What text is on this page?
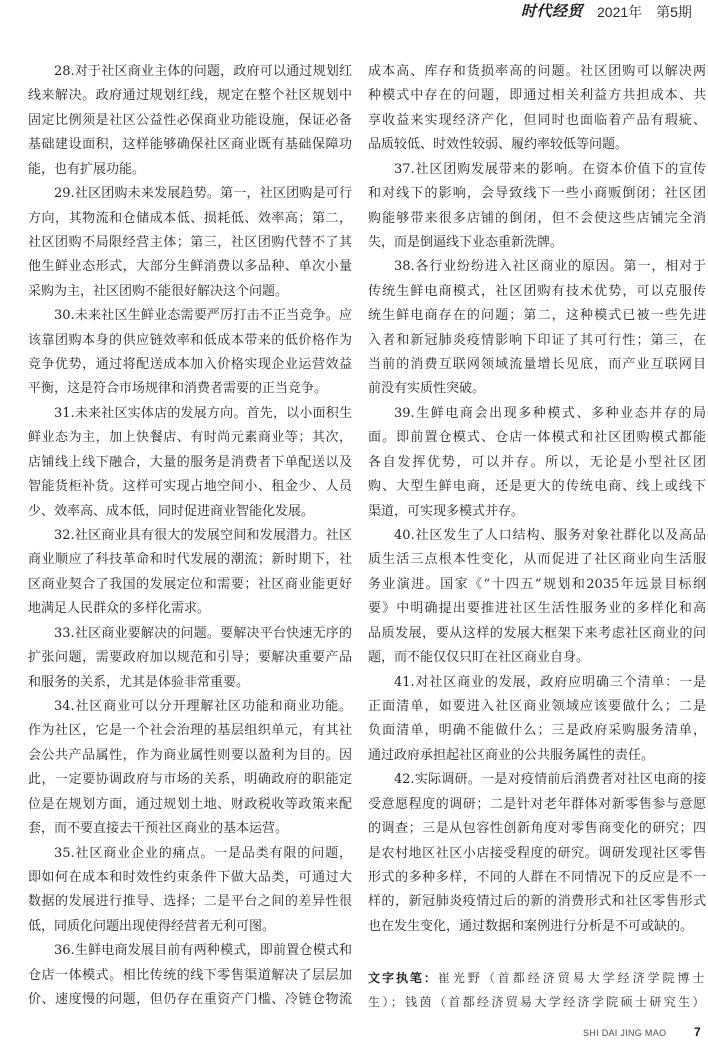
时代经贸 2021年　第5期
28.对于社区商业主体的问题，政府可以通过规划红
线来解决。政府通过规划红线，规定在整个社区规划中
固定比例须是社区公益性必保商业功能设施，保证必备
基础建设面积，这样能够确保社区商业既有基础保障功
能，也有扩展功能。
29.社区团购未来发展趋势。第一，社区团购是可行
方向，其物流和仓储成本低、损耗低、效率高；第二，
社区团购不局限经营主体；第三，社区团购代替不了其
他生鲜业态形式，大部分生鲜消费以多品种、单次小量
采购为主，社区团购不能很好解决这个问题。
30.未来社区生鲜业态需要严厉打击不正当竞争。应
该靠团购本身的供应链效率和低成本带来的低价格作为
竞争优势，通过将配送成本加入价格实现企业运营效益
平衡，这是符合市场规律和消费者需要的正当竞争。
31.未来社区实体店的发展方向。首先，以小面积生
鲜业态为主，加上快餐店、有时尚元素商业等；其次，
店铺线上线下融合，大量的服务是消费者下单配送以及
智能货柜补货。这样可实现占地空间小、租金少、人员
少、效率高、成本低，同时促进商业智能化发展。
32.社区商业具有很大的发展空间和发展潜力。社区
商业顺应了科技革命和时代发展的潮流；新时期下，社
区商业契合了我国的发展定位和需要；社区商业能更好
地满足人民群众的多样化需求。
33.社区商业要解决的问题。要解决平台快速无序的
扩张问题，需要政府加以规范和引导；要解决重要产品
和服务的关系，尤其是体验非常重要。
34.社区商业可以分开理解社区功能和商业功能。
作为社区，它是一个社会治理的基层组织单元，有其社
会公共产品属性，作为商业属性则要以盈利为目的。因
此，一定要协调政府与市场的关系，明确政府的职能定
位是在规划方面，通过规划土地、财政税收等政策来配
套，而不要直接去干预社区商业的基本运营。
35.社区商业企业的痛点。一是品类有限的问题，
即如何在成本和时效性约束条件下做大品类，可通过大
数据的发展进行推导、选择；二是平台之间的差异性很
低，同质化问题出现使得经营者无利可图。
36.生鲜电商发展目前有两种模式，即前置仓模式和
仓店一体模式。相比传统的线下零售渠道解决了层层加
价、速度慢的问题，但仍存在重资产门槛、冷链仓物流
成本高、库存和货损率高的问题。社区团购可以解决两
种模式中存在的问题，即通过相关利益方共担成本、共
享收益来实现经济产化，但同时也面临着产品有瑕疵、
品质较低、时效性较弱、履约率较低等问题。
37.社区团购发展带来的影响。在资本价值下的宣传
和对线下的影响，会导致线下一些小商贩倒闭；社区团
购能够带来很多店铺的倒闭，但不会使这些店铺完全消
失，而是倒逼线下业态重新洗牌。
38.各行业纷纷进入社区商业的原因。第一，相对于
传统生鲜电商模式，社区团购有技术优势，可以克服传
统生鲜电商存在的问题；第二，这种模式已被一些先进
入者和新冠肺炎疫情影响下印证了其可行性；第三，在
当前的消费互联网领域流量增长见底，而产业互联网目
前没有实质性突破。
39.生鲜电商会出现多种模式、多种业态并存的局
面。即前置仓模式、仓店一体模式和社区团购模式都能
各自发挥优势，可以并存。所以，无论是小型社区团
购、大型生鲜电商，还是更大的传统电商、线上或线下
渠道，可实现多模式并存。
40.社区发生了人口结构、服务对象社群化以及高品
质生活三点根本性变化，从而促进了社区商业向生活服
务业演进。国家《“十四五”规划和2035年远景目标纲
要》中明确提出要推进社区生活性服务业的多样化和高
品质发展，要从这样的发展大框架下来考虑社区商业的问
题，而不能仅仅只盯在社区商业自身。
41.对社区商业的发展，政府应明确三个清单：一是
正面清单，如要进入社区商业领域应该要做什么；二是
负面清单，明确不能做什么；三是政府采购服务清单，
通过政府承担起社区商业的公共服务属性的责任。
42.实际调研。一是对疫情前后消费者对社区电商的接
受意愿程度的调研；二是针对老年群体对新零售参与意愿
的调查；三是从包容性创新角度对零售商变化的研究；四
是农村地区社区小店接受程度的研究。调研发现社区零售
形式的多种多样，不同的人群在不同情况下的反应是不一
样的，新冠肺炎疫情过后的新的消费形式和社区零售形式
也在发生变化，通过数据和案例进行分析是不可或缺的。
文字执笔：崔光野（首都经济贸易大学经济学院博士
生）；钱茵（首都经济贸易大学经济学院硕士研究生）
SHI DAI JING MAO 7
